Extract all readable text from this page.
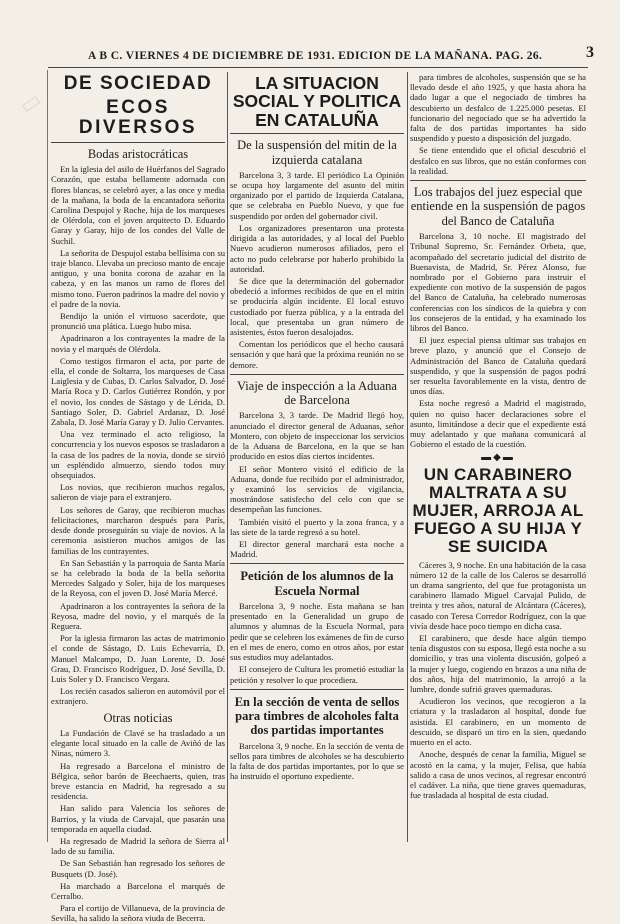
A B C. VIERNES 4 DE DICIEMBRE DE 1931. EDICION DE LA MAÑANA. PAG. 26.	3
DE SOCIEDAD
ECOS DIVERSOS
Bodas aristocráticas

En la iglesia del asilo de Huérfanos del Sagrado Corazón, que estaba bellamente adornada con flores blancas, se celebró ayer, a las once y media de la mañana, la boda de la encantadora señorita Carolina Despujol y Roche, hija de los marqueses de Olérdola, con el joven arquitecto D. Eduardo Garay y Garay, hijo de los condes del Valle de Suchil.

La señorita de Despujol estaba bellísima con su traje blanco. Llevaba un precioso manto de encaje antiguo, y una bonita corona de azahar en la cabeza, y en las manos un ramo de flores del mismo tono. Fueron padrinos la madre del novio y el padre de la novia.

Bendijo la unión el virtuoso sacerdote, que pronunció una plática. Luego hubo misa.

Apadrinaron a los contrayentes la madre de la novia y el marqués de Olérdola.

Como testigos firmaron el acta, por parte de ella, el conde de Soltarra, los marqueses de Casa Laiglesia y de Cubas, D. Carlos Salvador, D. José María Roca y D. Carlos Gutiérrez Rondón, y por el novio, los condes de Sástago y de Lérida, D. Santiago Soler, D. Gabriel Ardanaz, D. José Zabala, D. José María Garay y D. Julio Cervantes.

Una vez terminado el acto religioso, la concurrencia y los nuevos esposos se trasladaron a la casa de los padres de la novia, donde se sirvió un espléndido almuerzo, siendo todos muy obsequiados.

Los novios, que recibieron muchos regalos, salieron de viaje para el extranjero.

Los señores de Garay, que recibieron muchas felicitaciones, marcharon después para París, desde donde proseguirán su viaje de novios. A la ceremonia asistieron muchos amigos de las familias de los contrayentes.

En San Sebastián y la parroquia de Santa María se ha celebrado la boda de la bella señorita Mercedes Salgado y Soler, hija de los marqueses de la Reyosa, con el joven D. José María Mercé.

Apadrinaron a los contrayentes la señora de la Reyosa, madre del novio, y el marqués de la Reguera.

Por la iglesia firmaron las actas de matrimonio el conde de Sástago, D. Luis Echevarría, D. Manuel Malcampo, D. Juan Lorente, D. José Grau, D. Francisco Rodríguez, D. José Sevilla, D. Luis Soler y D. Francisco Vergara.

Los recién casados salieron en automóvil por el extranjero.

Otras noticias

La Fundación de Clavé se ha trasladado a un elegante local situado en la calle de Aviñó de las Ninas, número 3.

Ha regresado a Barcelona el ministro de Bélgica, señor barón de Beechaerts, quien, tras breve estancia en Madrid, ha regresado a su residencia.

Han salido para Valencia los señores de Barrios, y la viuda de Carvajal, que pasarán una temporada en aquella ciudad.

Ha regresado de Madrid la señora de Sierra al lado de su familia.

De San Sebastián han regresado los señores de Busquets (D. José).

Ha marchado a Barcelona el marqués de Cerralbo.

Para el cortijo de Villanueva, de la provincia de Sevilla, ha salido la señora viuda de Becerra.

LA SITUACION SOCIAL Y POLITICA EN CATALUÑA
De la suspensión del mitin de la izquierda catalana

Barcelona 3, 3 tarde. El periódico La Opinión se ocupa hoy largamente del asunto del mitin organizado por el partido de Izquierda Catalana, que se celebraba en Pueblo Nuevo, y que fue suspendido por orden del gobernador civil.

Los organizadores presentaron una protesta dirigida a las autoridades, y al local del Pueblo Nuevo acudieron numerosos afiliados, pero el acto no pudo celebrarse por haberlo prohibido la autoridad.

Se dice que la determinación del gobernador obedeció a informes recibidos de que en el mitin se produciría algún incidente. El local estuvo custodiado por fuerza pública, y a la entrada del local, que presentaba un gran número de asistentes, éstos fueron desalojados.

Comentan los periódicos que el hecho causará sensación y que hará que la próxima reunión no se demore.

Viaje de inspección a la Aduana de Barcelona

Barcelona 3, 3 tarde. De Madrid llegó hoy, anunciado el director general de Aduanas, señor Montero, con objeto de inspeccionar los servicios de la Aduana de Barcelona, en la que se han producido en estos días ciertos incidentes.

El señor Montero visitó el edificio de la Aduana, donde fue recibido por el administrador, y examinó los servicios de vigilancia, mostrándose satisfecho del celo con que se desempeñan las funciones.

También visitó el puerto y la zona franca, y a las siete de la tarde regresó a su hotel.

El director general marchará esta noche a Madrid.

Petición de los alumnos de la Escuela Normal

Barcelona 3, 9 noche. Esta mañana se han presentado en la Generalidad un grupo de alumnos y alumnas de la Escuela Normal, para pedir que se celebren los exámenes de fin de curso en el mes de enero, como en otros años, por estar sus estudios muy adelantados.

El consejero de Cultura les prometió estudiar la petición y resolver lo que procediera.

En la sección de venta de sellos para timbres de alcoholes falta dos partidas importantes

Barcelona 3, 9 noche. En la sección de venta de sellos para timbres de alcoholes se ha descubierto la falta de dos partidas importantes, por lo que se ha instruido el oportuno expediente.

para timbres de alcoholes, suspensión que se ha llevado desde el año 1925, y que hasta ahora ha dado lugar a que el negociado de timbres ha descubierto un desfalco de 1.225.000 pesetas. El funcionario del negociado que se ha advertido la falta de dos partidas importantes ha sido suspendido y puesto a disposición del juzgado.

Se tiene entendido que el oficial descubrió el desfalco en sus libros, que no están conformes con la realidad.

Los trabajos del juez especial que entiende en la suspensión de pagos del Banco de Cataluña

Barcelona 3, 10 noche. El magistrado del Tribunal Supremo, Sr. Fernández Orbeta, que, acompañado del secretario judicial del distrito de Buenavista, de Madrid, Sr. Pérez Alonso, fue nombrado por el Gobierno para instruir el expediente con motivo de la suspensión de pagos del Banco de Cataluña, ha celebrado numerosas conferencias con los síndicos de la quiebra y con los consejeros de la entidad, y ha examinado los libros del Banco.

El juez especial piensa ultimar sus trabajos en breve plazo, y anunció que el Consejo de Administración del Banco de Cataluña quedará suspendido, y que la suspensión de pagos podrá ser resuelta favorablemente en la vista, dentro de unos días.

Esta noche regresó a Madrid el magistrado, quien no quiso hacer declaraciones sobre el asunto, limitándose a decir que el expediente está muy adelantado y que mañana comunicará al Gobierno el estado de la cuestión.

▬◆▬
UN CARABINERO MALTRATA A SU MUJER, ARROJA AL FUEGO A SU HIJA Y SE SUICIDA

Cáceres 3, 9 noche. En una habitación de la casa número 12 de la calle de los Caleros se desarrolló un drama sangriento, del que fue protagonista un carabinero llamado Miguel Carvajal Pulido, de treinta y tres años, natural de Alcántara (Cáceres), casado con Teresa Corredor Rodríguez, con la que vivía desde hace poco tiempo en dicha casa.

El carabinero, que desde hace algún tiempo tenía disgustos con su esposa, llegó esta noche a su domicilio, y tras una violenta discusión, golpeó a la mujer y luego, cogiendo en brazos a una niña de dos años, hija del matrimonio, la arrojó a la lumbre, donde sufrió graves quemaduras.

Acudieron los vecinos, que recogieron a la criatura y la trasladaron al hospital, donde fue asistida. El carabinero, en un momento de descuido, se disparó un tiro en la sien, quedando muerto en el acto.

Anoche, después de cenar la familia, Miguel se acostó en la cama, y la mujer, Felisa, que había salido a casa de unos vecinos, al regresar encontró el cadáver. La niña, que tiene graves quemaduras, fue trasladada al hospital de esta ciudad.

▭
